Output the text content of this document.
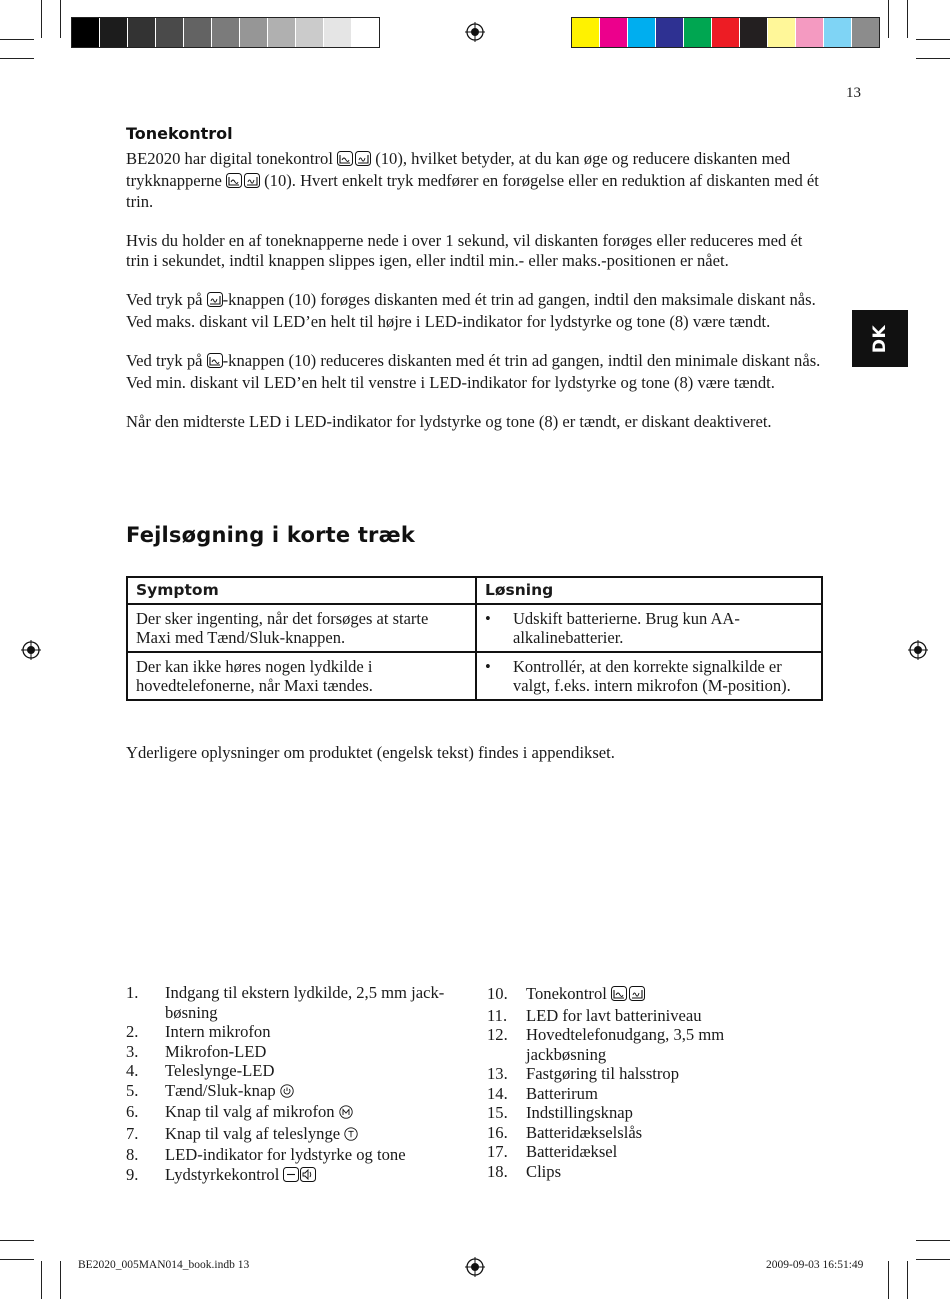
13
DK
Tonekontrol

BE2020 har digital tonekontrol
(10), hvilket betyder, at du kan øge og reducere diskanten med trykknapperne
(10). Hvert enkelt tryk medfører en forøgelse eller en reduktion af diskanten med ét trin.

Hvis du holder en af toneknapperne nede i over 1 sekund, vil diskanten forøges eller reduceres med ét trin i sekundet, indtil knappen slippes igen, eller indtil min.- eller maks.-positionen er nået.

Ved tryk på -knappen (10) forøges diskanten med ét trin ad gangen, indtil den maksimale diskant nås. Ved maks. diskant vil LED’en helt til højre i LED-indikator for lydstyrke og tone (8) være tændt.

Ved tryk på -knappen (10) reduceres diskanten med ét trin ad gangen, indtil den minimale diskant nås. Ved min. diskant vil LED’en helt til venstre i LED-indikator for lydstyrke og tone (8) være tændt.

Når den midterste LED i LED-indikator for lydstyrke og tone (8) er tændt, er diskant deaktiveret.

Fejlsøgning i korte træk
Symptom	Løsning
Der sker ingenting, når det forsøges at starte Maxi med Tænd/Sluk-knappen.	• Udskift batterierne. Brug kun AA-alkalinebatterier.

Der kan ikke høres nogen lydkilde i hovedtelefonerne, når Maxi tændes.	• Kontrollér, at den korrekte signalkilde er valgt, f.eks. intern mikrofon (M-position).
Yderligere oplysninger om produktet (engelsk tekst) findes i appendikset.
1.	Indgang til ekstern lydkilde, 2,5 mm jack-bøsning
2.	Intern mikrofon
3.	Mikrofon-LED
4.	Teleslynge-LED
5.	Tænd/Sluk-knap
6.	Knap til valg af mikrofon
7.	Knap til valg af teleslynge
8.	LED-indikator for lydstyrke og tone
9.	Lydstyrkekontrol
10.	Tonekontrol
11.	LED for lavt batteriniveau
12.	Hovedtelefonudgang, 3,5 mm jackbøsning
13.	Fastgøring til halsstrop
14.	Batterirum
15.	Indstillingsknap
16.	Batteridækselslås
17.	Batteridæksel
18.	Clips
BE2020_005MAN014_book.indb 13	2009-09-03 16:51:49
